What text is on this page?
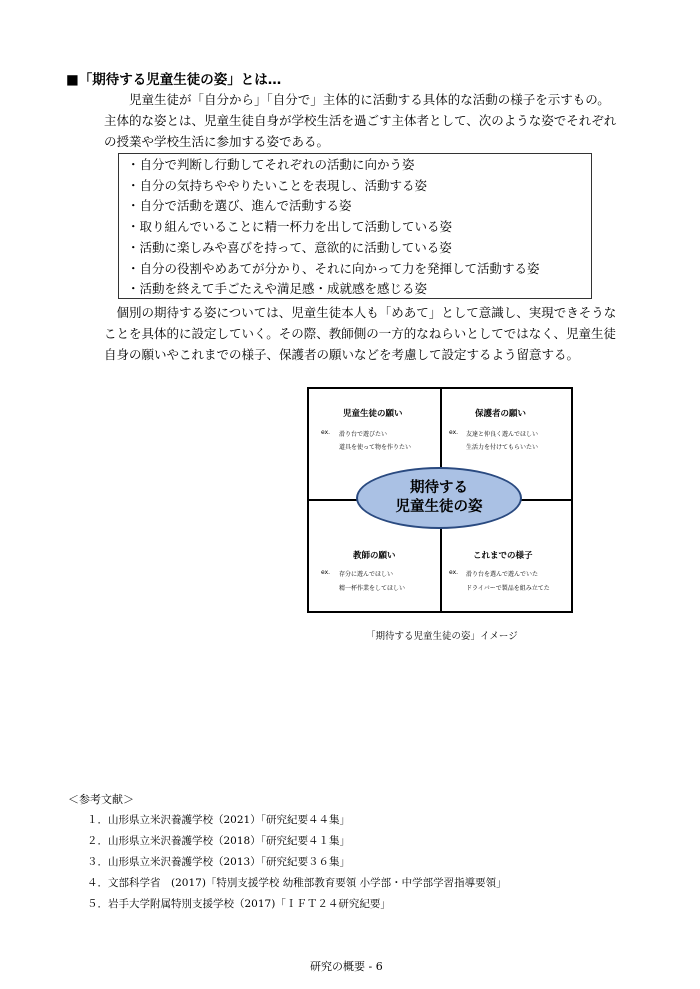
■「期待する児童生徒の姿」とは…
　　児童生徒が「自分から」「自分で」主体的に活動する具体的な活動の様子を示すもの。
主体的な姿とは、児童生徒自身が学校生活を過ごす主体者として、次のような姿でそれぞれ
の授業や学校生活に参加する姿である。
・自分で判断し行動してそれぞれの活動に向かう姿
・自分の気持ちややりたいことを表現し、活動する姿
・自分で活動を選び、進んで活動する姿
・取り組んでいることに精一杯力を出して活動している姿
・活動に楽しみや喜びを持って、意欲的に活動している姿
・自分の役割やめあてが分かり、それに向かって力を発揮して活動する姿
・活動を終えて手ごたえや満足感・成就感を感じる姿
　個別の期待する姿については、児童生徒本人も「めあて」として意識し、実現できそうな
ことを具体的に設定していく。その際、教師側の一方的なねらいとしてではなく、児童生徒
自身の願いやこれまでの様子、保護者の願いなどを考慮して設定するよう留意する。
児童生徒の願い
ex. 滑り台で遊びたい
道具を使って物を作りたい
保護者の願い
ex. 友達と仲良く遊んでほしい
生活力を付けてもらいたい
教師の願い
ex. 存分に遊んでほしい
精一杯作業をしてほしい
これまでの様子
ex. 滑り台を選んで遊んでいた
ドライバーで製品を組み立てた
期待する
児童生徒の姿
「期待する児童生徒の姿」イメージ
＜参考文献＞
１．山形県立米沢養護学校（2021）「研究紀要４４集」
２．山形県立米沢養護学校（2018）「研究紀要４１集」
３．山形県立米沢養護学校（2013）「研究紀要３６集」
４．文部科学省　(2017)「特別支援学校 幼稚部教育要領 小学部・中学部学習指導要領」
５．岩手大学附属特別支援学校（2017)「ＩＦＴ２４研究紀要」
研究の概要 - 6
